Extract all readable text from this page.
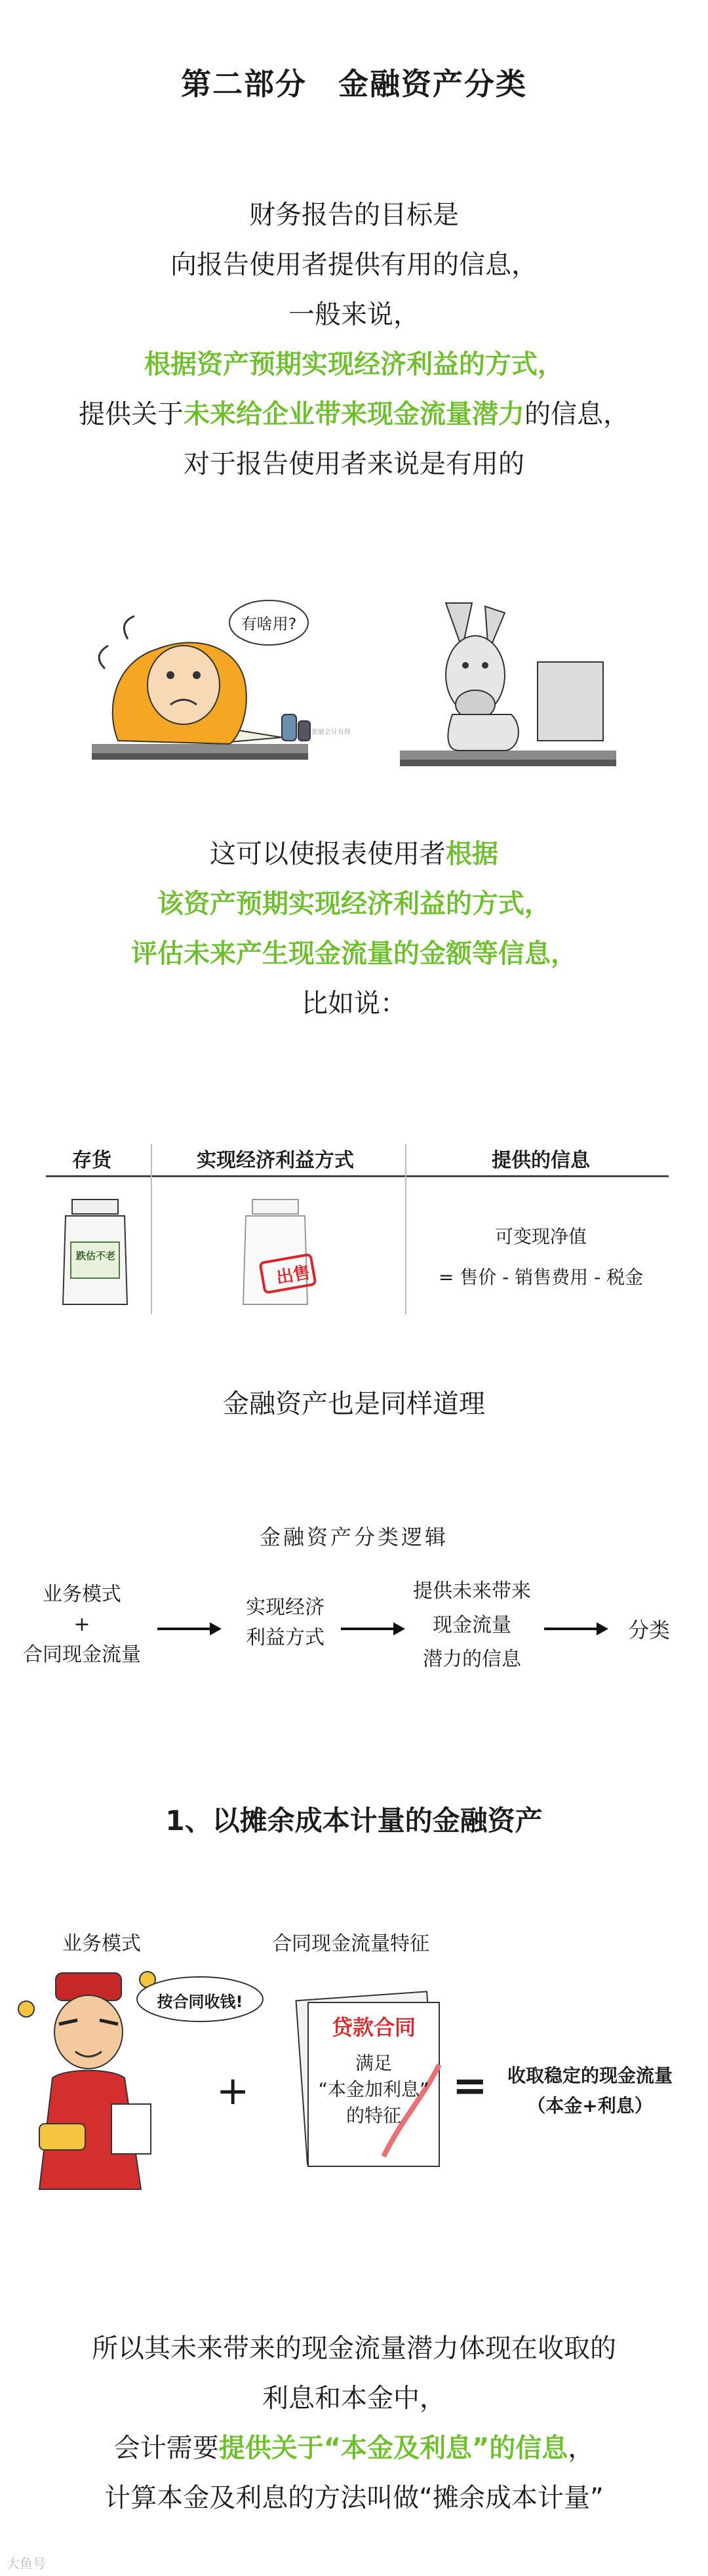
第二部分　金融资产分类
财务报告的目标是
向报告使用者提供有用的信息，
一般来说，
根据资产预期实现经济利益的方式，
提供关于未来给企业带来现金流量潜力的信息，
对于报告使用者来说是有用的
有啥用?
张敏会计有得
这可以使报表使用者根据
该资产预期实现经济利益的方式，
评估未来产生现金流量的金额等信息，
比如说：
存货	实现经济利益方式	提供的信息
跌估不老
出售
可变现净值
= 售价 - 销售费用 - 税金
金融资产也是同样道理
金融资产分类逻辑
业务模式
+
合同现金流量
实现经济
利益方式
提供未来带来
现金流量
潜力的信息
分类
1、以摊余成本计量的金融资产
业务模式	合同现金流量特征
按合同收钱!
+
贷款合同
满足
“本金加利息”
的特征
=	收取稳定的现金流量
（本金+利息）
所以其未来带来的现金流量潜力体现在收取的
利息和本金中，
会计需要提供关于“本金及利息”的信息，
计算本金及利息的方法叫做“摊余成本计量”
大鱼号
